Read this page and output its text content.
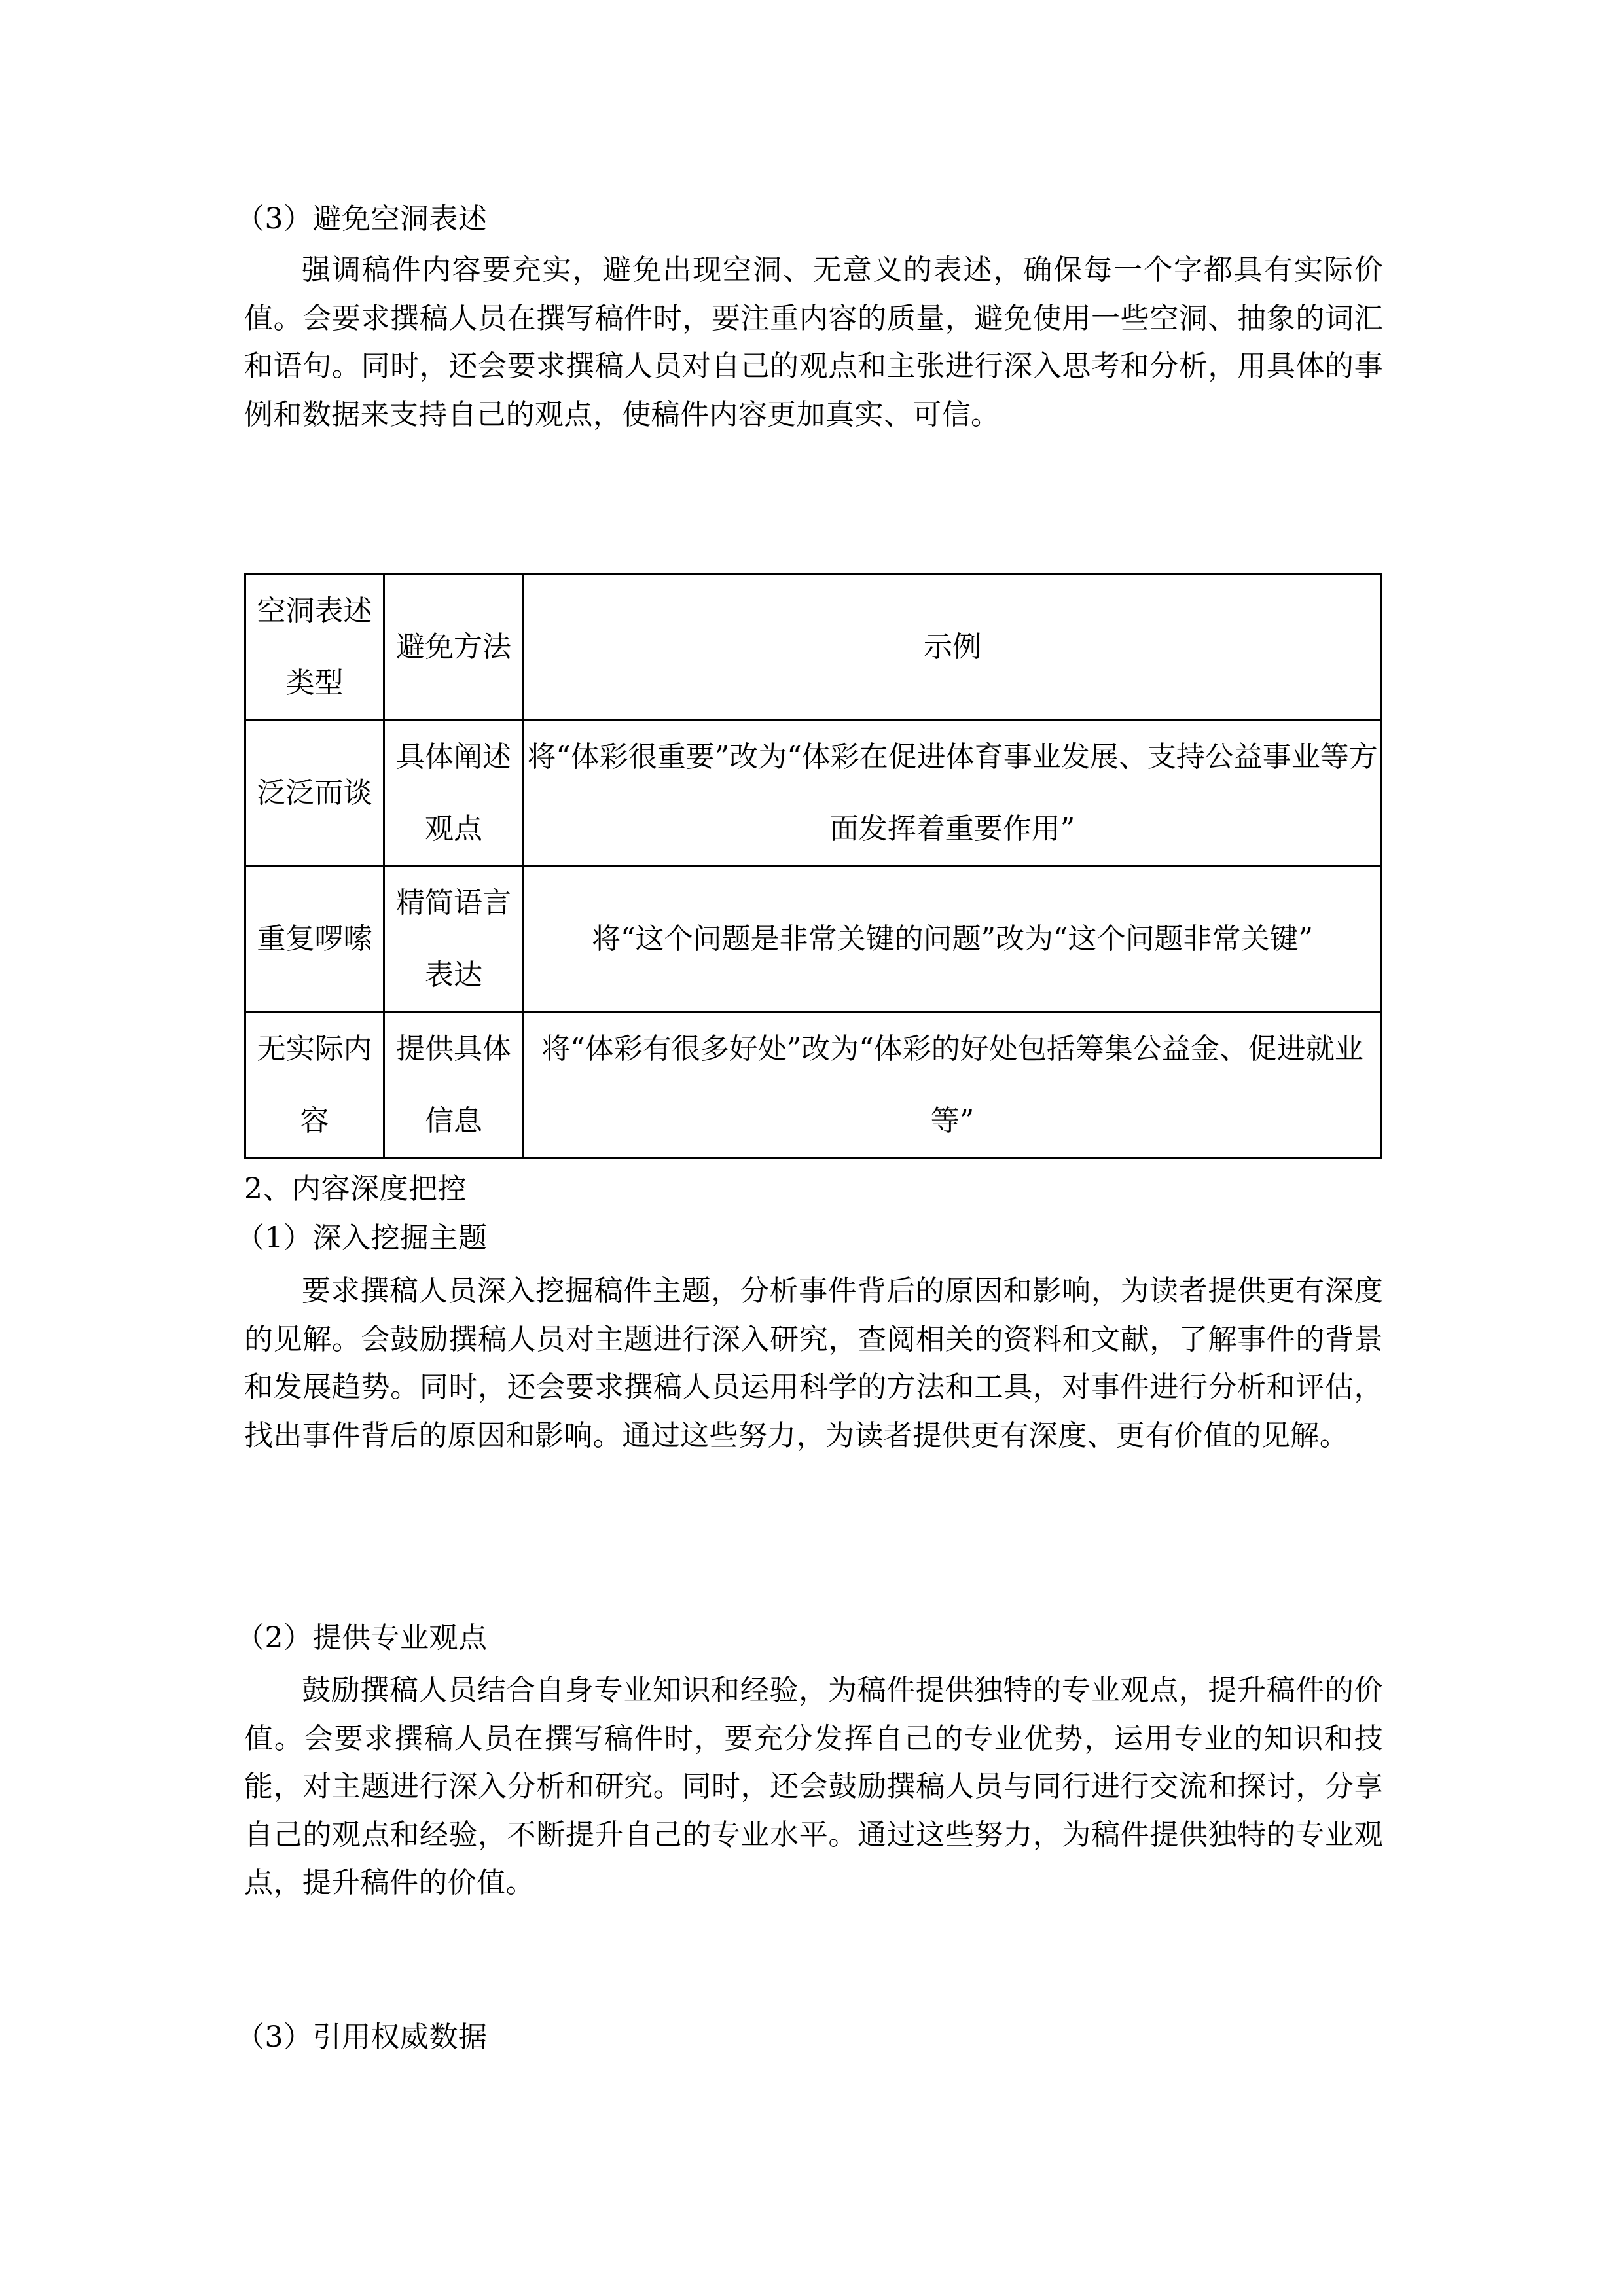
（3）避免空洞表述
强调稿件内容要充实，避免出现空洞、无意义的表述，确保每一个字都具有实际价值。会要求撰稿人员在撰写稿件时，要注重内容的质量，避免使用一些空洞、抽象的词汇和语句。同时，还会要求撰稿人员对自己的观点和主张进行深入思考和分析，用具体的事例和数据来支持自己的观点，使稿件内容更加真实、可信。
空洞表述类型	避免方法	示例
泛泛而谈	具体阐述观点	将“体彩很重要”改为“体彩在促进体育事业发展、支持公益事业等方面发挥着重要作用”
重复啰嗦	精简语言表达	将“这个问题是非常关键的问题”改为“这个问题非常关键”
无实际内容	提供具体信息	将“体彩有很多好处”改为“体彩的好处包括筹集公益金、促进就业等”
2、内容深度把控
（1）深入挖掘主题
要求撰稿人员深入挖掘稿件主题，分析事件背后的原因和影响，为读者提供更有深度的见解。会鼓励撰稿人员对主题进行深入研究，查阅相关的资料和文献，了解事件的背景和发展趋势。同时，还会要求撰稿人员运用科学的方法和工具，对事件进行分析和评估，找出事件背后的原因和影响。通过这些努力，为读者提供更有深度、更有价值的见解。
（2）提供专业观点
鼓励撰稿人员结合自身专业知识和经验，为稿件提供独特的专业观点，提升稿件的价值。会要求撰稿人员在撰写稿件时，要充分发挥自己的专业优势，运用专业的知识和技能，对主题进行深入分析和研究。同时，还会鼓励撰稿人员与同行进行交流和探讨，分享自己的观点和经验，不断提升自己的专业水平。通过这些努力，为稿件提供独特的专业观点，提升稿件的价值。
（3）引用权威数据
